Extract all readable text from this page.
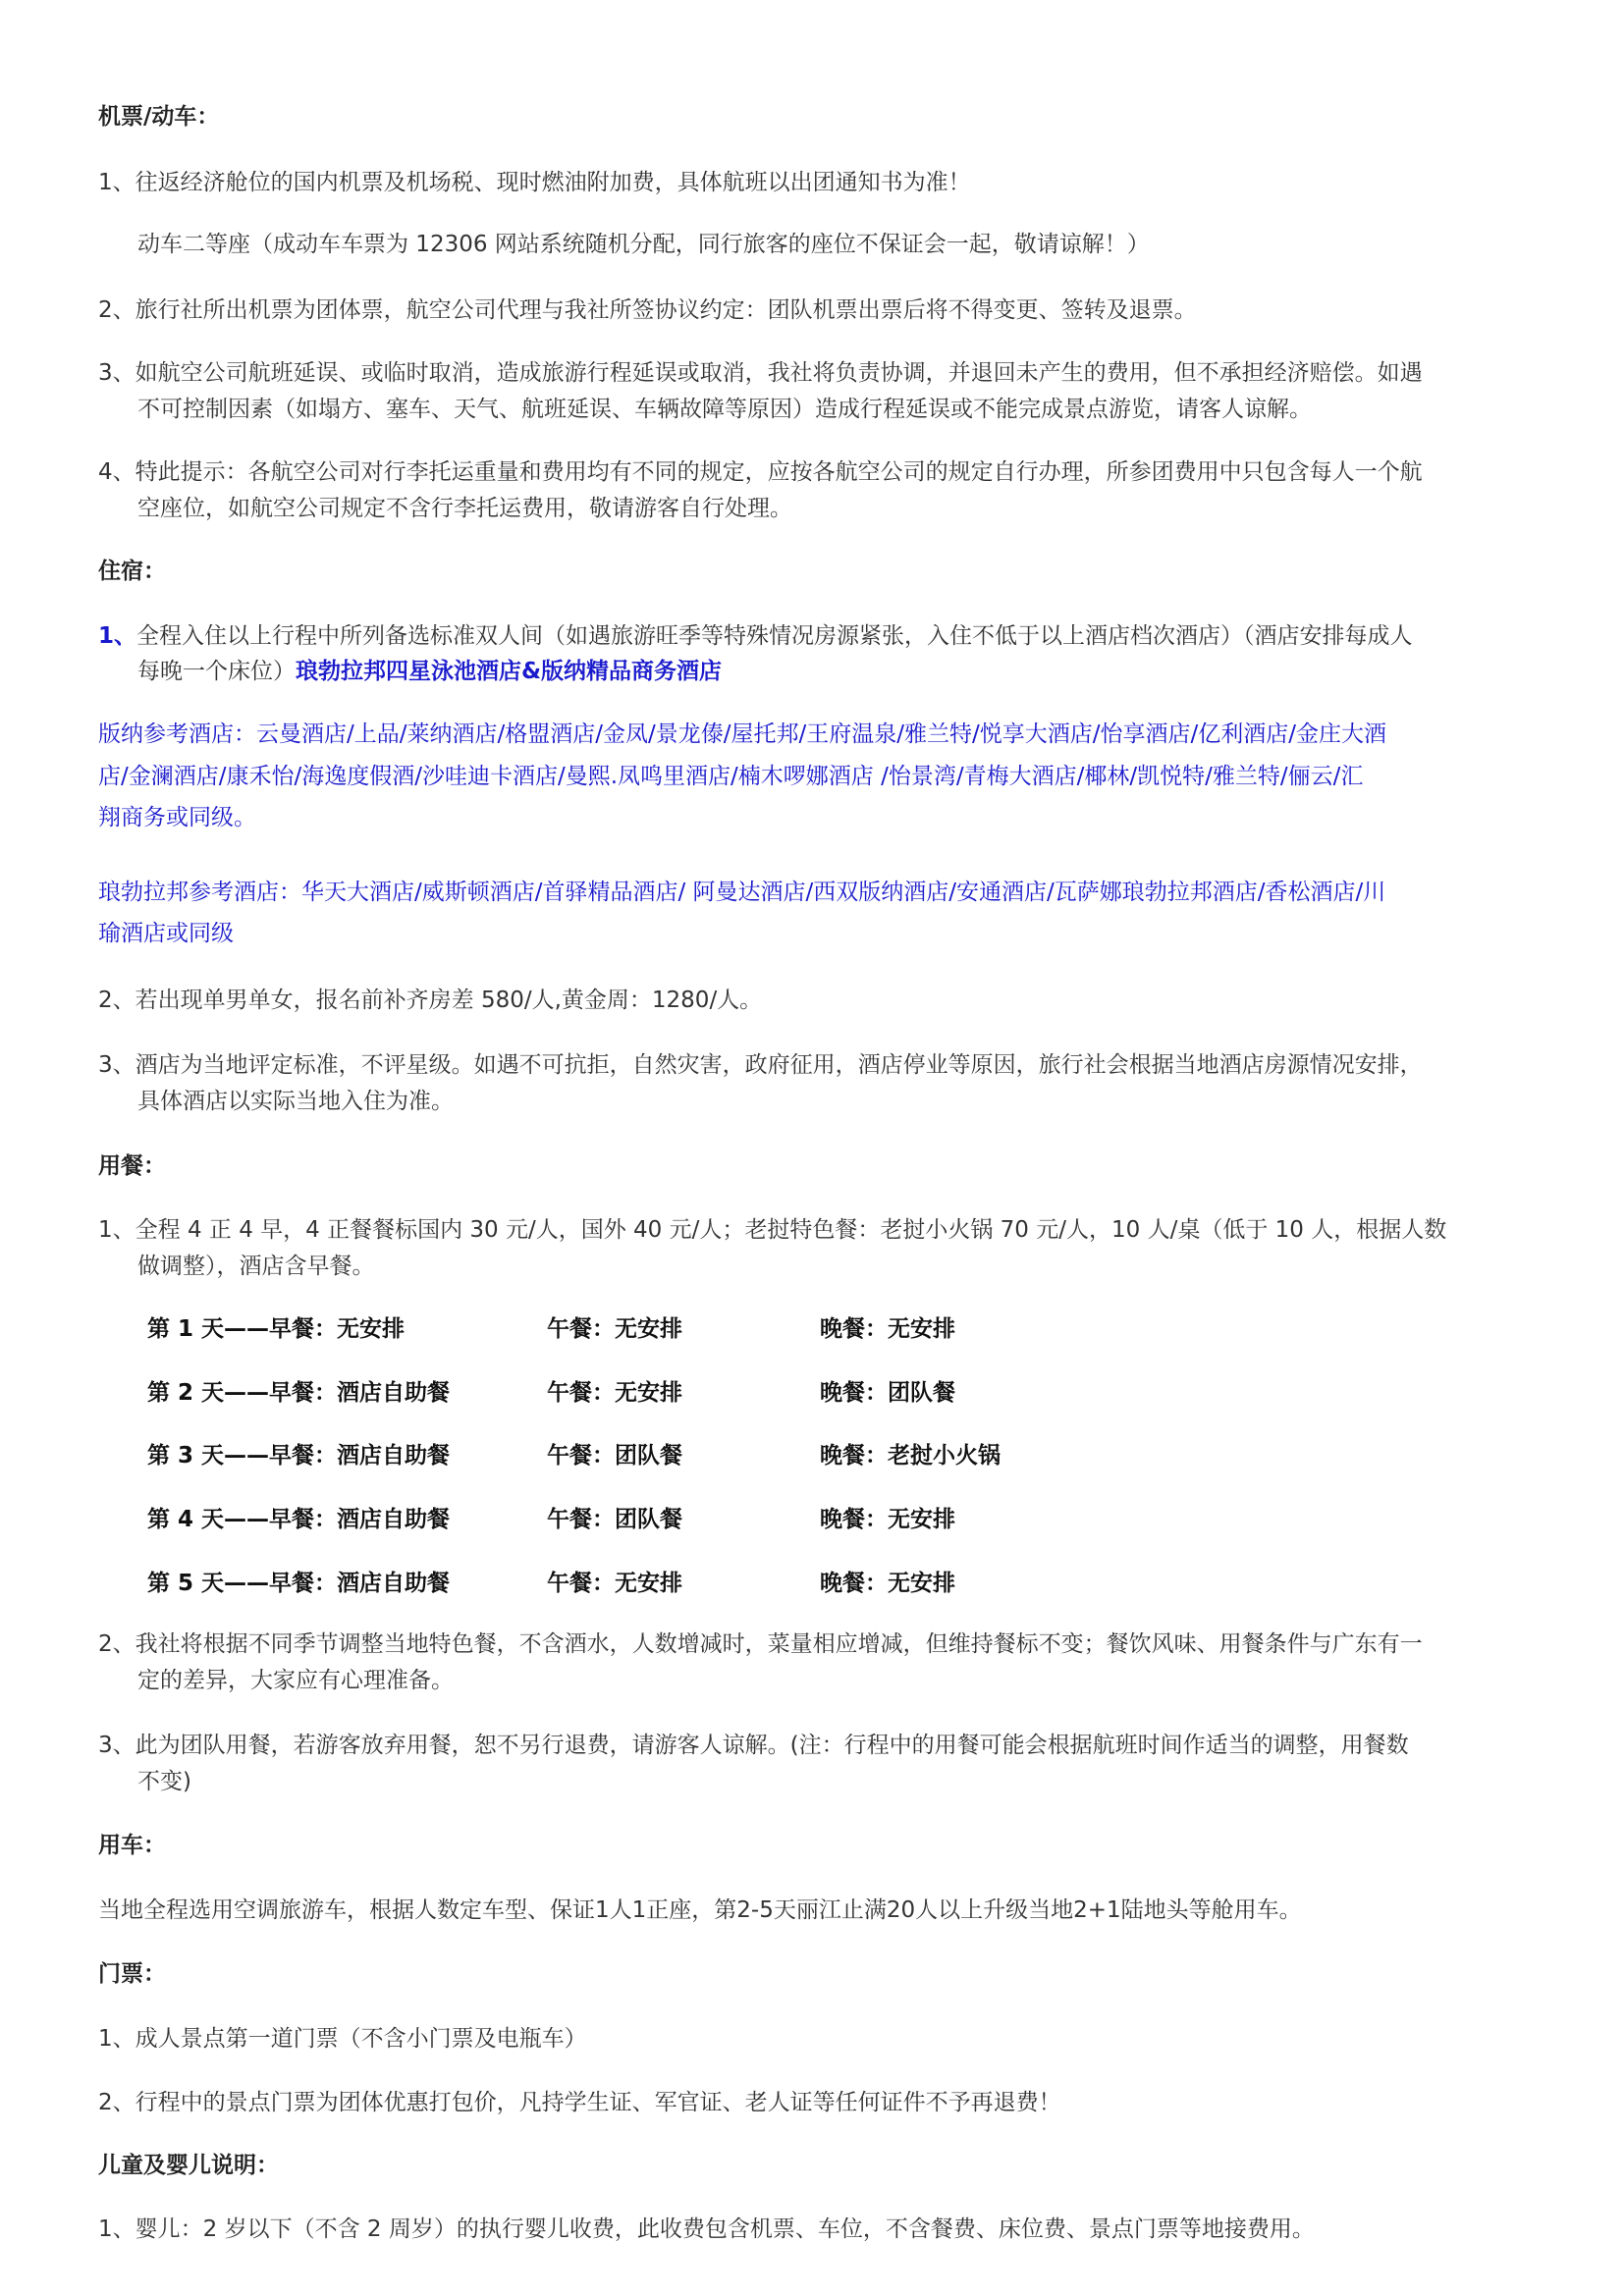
机票/动车：
1、往返经济舱位的国内机票及机场税、现时燃油附加费，具体航班以出团通知书为准！
动车二等座（成动车车票为 12306 网站系统随机分配，同行旅客的座位不保证会一起，敬请谅解！）
2、旅行社所出机票为团体票，航空公司代理与我社所签协议约定：团队机票出票后将不得变更、签转及退票。
3、如航空公司航班延误、或临时取消，造成旅游行程延误或取消，我社将负责协调，并退回未产生的费用，但不承担经济赔偿。如遇
不可控制因素（如塌方、塞车、天气、航班延误、车辆故障等原因）造成行程延误或不能完成景点游览，请客人谅解。
4、特此提示：各航空公司对行李托运重量和费用均有不同的规定，应按各航空公司的规定自行办理，所参团费用中只包含每人一个航
空座位，如航空公司规定不含行李托运费用，敬请游客自行处理。
住宿：
1、全程入住以上行程中所列备选标准双人间（如遇旅游旺季等特殊情况房源紧张，入住不低于以上酒店档次酒店）（酒店安排每成人
每晚一个床位）琅勃拉邦四星泳池酒店&版纳精品商务酒店
版纳参考酒店：云曼酒店/上品/莱纳酒店/格盟酒店/金凤/景龙傣/屋托邦/王府温泉/雅兰特/悦享大酒店/怡享酒店/亿利酒店/金庄大酒
店/金澜酒店/康禾怡/海逸度假酒/沙哇迪卡酒店/曼熙.凤鸣里酒店/楠木啰娜酒店 /怡景湾/青梅大酒店/椰林/凯悦特/雅兰特/俪云/汇
翔商务或同级。
琅勃拉邦参考酒店：华天大酒店/威斯顿酒店/首驿精品酒店/ 阿曼达酒店/西双版纳酒店/安通酒店/瓦萨娜琅勃拉邦酒店/香松酒店/川
瑜酒店或同级
2、若出现单男单女，报名前补齐房差 580/人,黄金周：1280/人。
3、酒店为当地评定标准，不评星级。如遇不可抗拒，自然灾害，政府征用，酒店停业等原因，旅行社会根据当地酒店房源情况安排，
具体酒店以实际当地入住为准。
用餐：
1、全程 4 正 4 早，4 正餐餐标国内 30 元/人，国外 40 元/人；老挝特色餐：老挝小火锅 70 元/人，10 人/桌（低于 10 人，根据人数
做调整），酒店含早餐。
第 1 天——早餐：无安排	午餐：无安排	晚餐：无安排
第 2 天——早餐：酒店自助餐	午餐：无安排	晚餐：团队餐
第 3 天——早餐：酒店自助餐	午餐：团队餐	晚餐：老挝小火锅
第 4 天——早餐：酒店自助餐	午餐：团队餐	晚餐：无安排
第 5 天——早餐：酒店自助餐	午餐：无安排	晚餐：无安排
2、我社将根据不同季节调整当地特色餐，不含酒水，人数增减时，菜量相应增减，但维持餐标不变；餐饮风味、用餐条件与广东有一
定的差异，大家应有心理准备。
3、此为团队用餐，若游客放弃用餐，恕不另行退费，请游客人谅解。(注：行程中的用餐可能会根据航班时间作适当的调整，用餐数
不变)
用车：
当地全程选用空调旅游车，根据人数定车型、保证1人1正座，第2-5天丽江止满20人以上升级当地2+1陆地头等舱用车。
门票：
1、成人景点第一道门票（不含小门票及电瓶车）
2、行程中的景点门票为团体优惠打包价，凡持学生证、军官证、老人证等任何证件不予再退费！
儿童及婴儿说明：
1、婴儿：2 岁以下（不含 2 周岁）的执行婴儿收费，此收费包含机票、车位，不含餐费、床位费、景点门票等地接费用。
